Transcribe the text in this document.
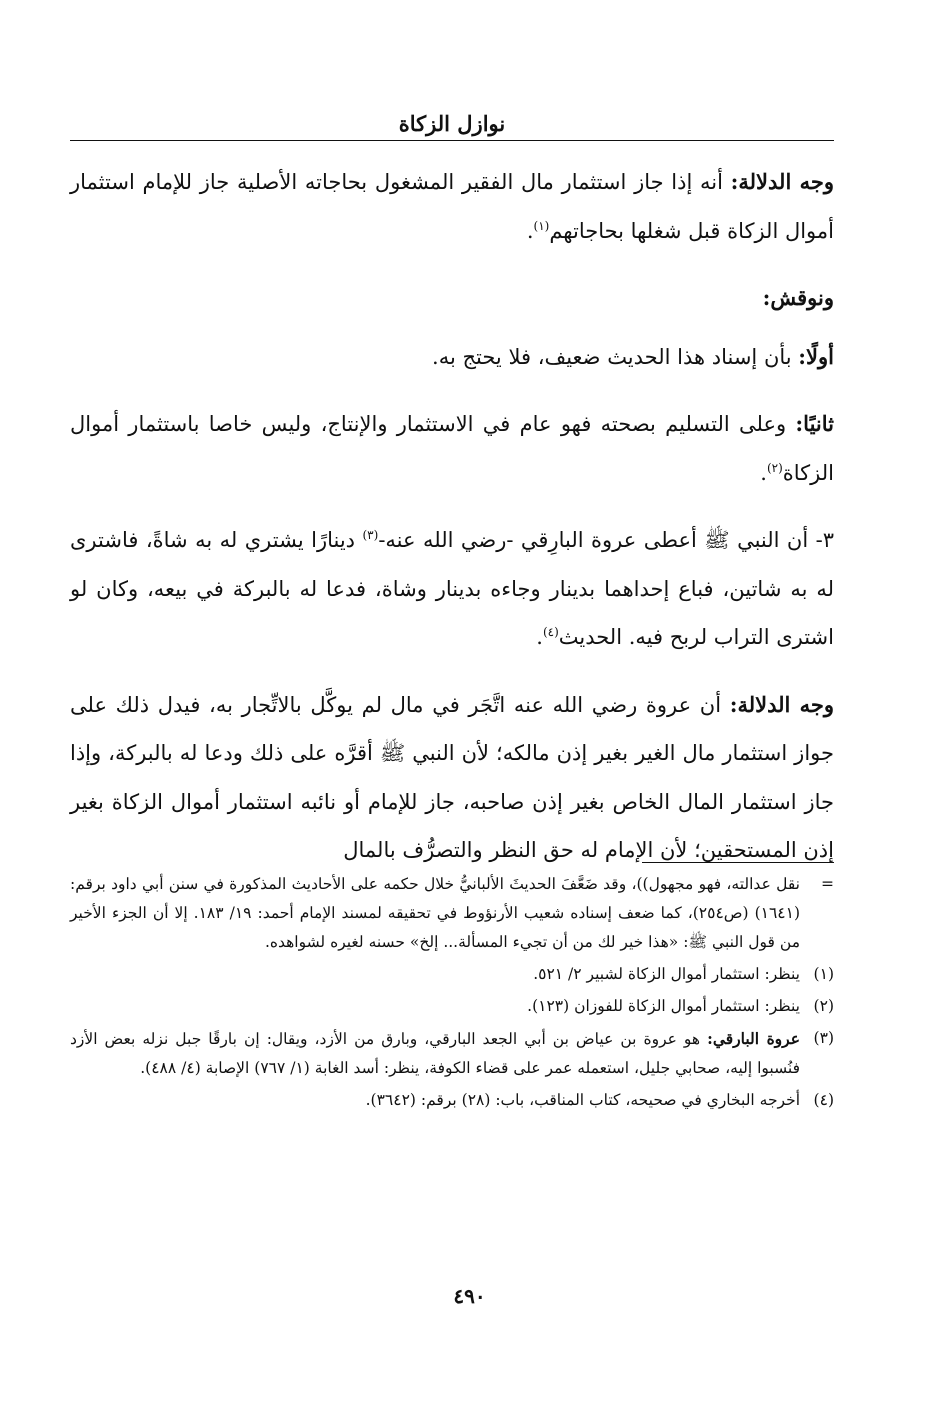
نوازل الزكاة

وجه الدلالة: أنه إذا جاز استثمار مال الفقير المشغول بحاجاته الأصلية جاز للإمام استثمار أموال الزكاة قبل شغلها بحاجاتهم$^{(١)}$.

ونوقش:

أولًا: بأن إسناد هذا الحديث ضعيف، فلا يحتج به.

ثانيًا: وعلى التسليم بصحته فهو عام في الاستثمار والإنتاج، وليس خاصا باستثمار أموال الزكاة$^{(٢)}$.

٣- أن النبي ﷺ أعطى عروة البارِقي -رضي الله عنه-$^{(٣)}$ دينارًا يشتري له به شاةً، فاشترى له به شاتين، فباع إحداهما بدينار وجاءه بدينار وشاة، فدعا له بالبركة في بيعه، وكان لو اشترى التراب لربح فيه. الحديث$^{(٤)}$.

وجه الدلالة: أن عروة رضي الله عنه اتَّجَر في مال لم يوكَّل بالاتِّجار به، فيدل ذلك على جواز استثمار مال الغير بغير إذن مالكه؛ لأن النبي ﷺ أقرَّه على ذلك ودعا له بالبركة، وإذا جاز استثمار المال الخاص بغير إذن صاحبه، جاز للإمام أو نائبه استثمار أموال الزكاة بغير إذن المستحقين؛ لأن الإمام له حق النظر والتصرُّف بالمال

=
نقل عدالته، فهو مجهول))، وقد ضَعَّفَ الحديثَ الألبانيُّ خلال حكمه على الأحاديث المذكورة في سنن أبي داود برقم: (١٦٤١) (ص٢٥٤)، كما ضعف إسناده شعيب الأرنؤوط في تحقيقه لمسند الإمام أحمد: ١٩/ ١٨٣. إلا أن الجزء الأخير من قول النبي ﷺ: «هذا خير لك من أن تجيء المسألة... إلخ» حسنه لغيره لشواهده.
(١)
ينظر: استثمار أموال الزكاة لشبير ٢/ ٥٢١.
(٢)
ينظر: استثمار أموال الزكاة للفوزان (١٢٣).
(٣)
عروة البارقي: هو عروة بن عياض بن أبي الجعد البارقي، وبارق من الأزد، ويقال: إن بارقًا جبل نزله بعض الأزد فنُسبوا إليه، صحابي جليل، استعمله عمر على قضاء الكوفة، ينظر: أسد الغابة (١/ ٧٦٧) الإصابة (٤/ ٤٨٨).
(٤)
أخرجه البخاري في صحيحه، كتاب المناقب، باب: (٢٨) برقم: (٣٦٤٢).
٤٩٠
